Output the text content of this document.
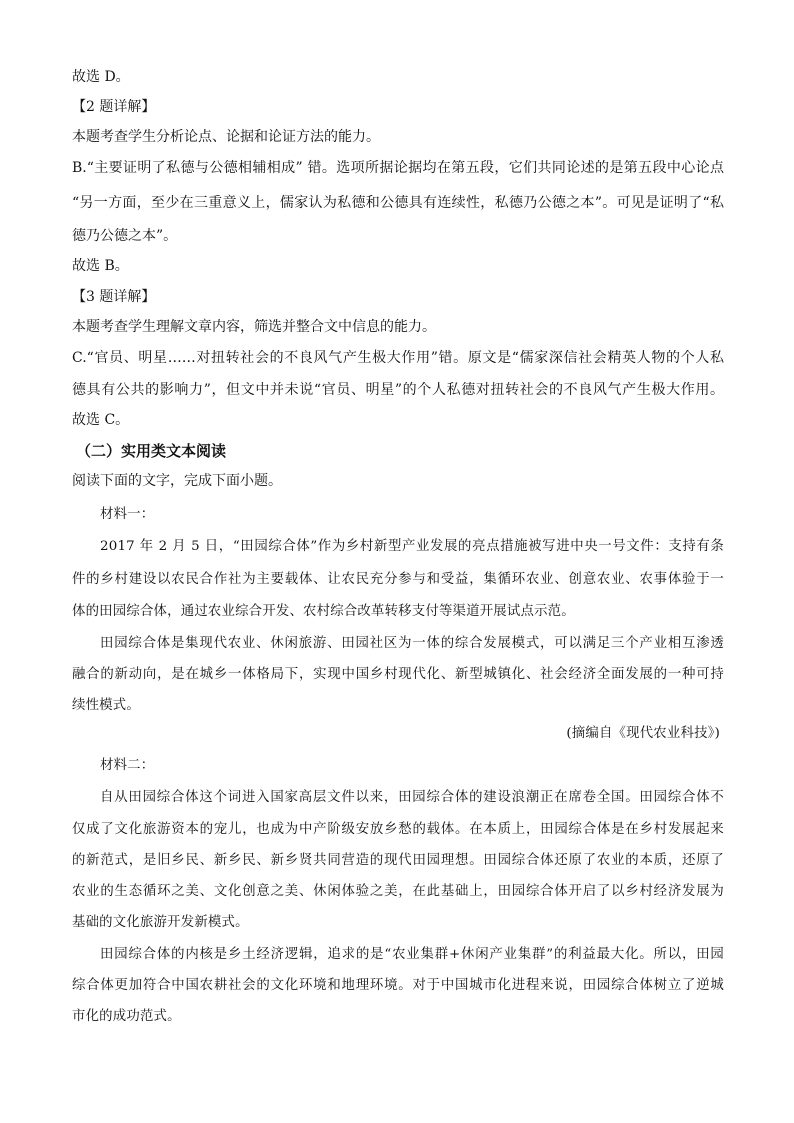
故选 D。
【2 题详解】
本题考查学生分析论点、论据和论证方法的能力。
B.“主要证明了私德与公德相辅相成” 错。选项所据论据均在第五段，它们共同论述的是第五段中心论点
“另一方面，至少在三重意义上，儒家认为私德和公德具有连续性，私德乃公德之本”。可见是证明了“私
德乃公德之本”。
故选 B。
【3 题详解】
本题考查学生理解文章内容，筛选并整合文中信息的能力。
C.“官员、明星……对扭转社会的不良风气产生极大作用”错。原文是“儒家深信社会精英人物的个人私
德具有公共的影响力”，但文中并未说“官员、明星”的个人私德对扭转社会的不良风气产生极大作用。
故选 C。
（二）实用类文本阅读
阅读下面的文字，完成下面小题。
材料一：
2017 年 2 月 5 日，“田园综合体”作为乡村新型产业发展的亮点措施被写进中央一号文件：支持有条
件的乡村建设以农民合作社为主要载体、让农民充分参与和受益，集循环农业、创意农业、农事体验于一
体的田园综合体，通过农业综合开发、农村综合改革转移支付等渠道开展试点示范。
田园综合体是集现代农业、休闲旅游、田园社区为一体的综合发展模式，可以满足三个产业相互渗透
融合的新动向，是在城乡一体格局下，实现中国乡村现代化、新型城镇化、社会经济全面发展的一种可持
续性模式。
(摘编自《现代农业科技》)
材料二：
自从田园综合体这个词进入国家高层文件以来，田园综合体的建设浪潮正在席卷全国。田园综合体不
仅成了文化旅游资本的宠儿，也成为中产阶级安放乡愁的载体。在本质上，田园综合体是在乡村发展起来
的新范式，是旧乡民、新乡民、新乡贤共同营造的现代田园理想。田园综合体还原了农业的本质，还原了
农业的生态循环之美、文化创意之美、休闲体验之美，在此基础上，田园综合体开启了以乡村经济发展为
基础的文化旅游开发新模式。
田园综合体的内核是乡土经济逻辑，追求的是“农业集群+休闲产业集群”的利益最大化。所以，田园
综合体更加符合中国农耕社会的文化环境和地理环境。对于中国城市化进程来说，田园综合体树立了逆城
市化的成功范式。
